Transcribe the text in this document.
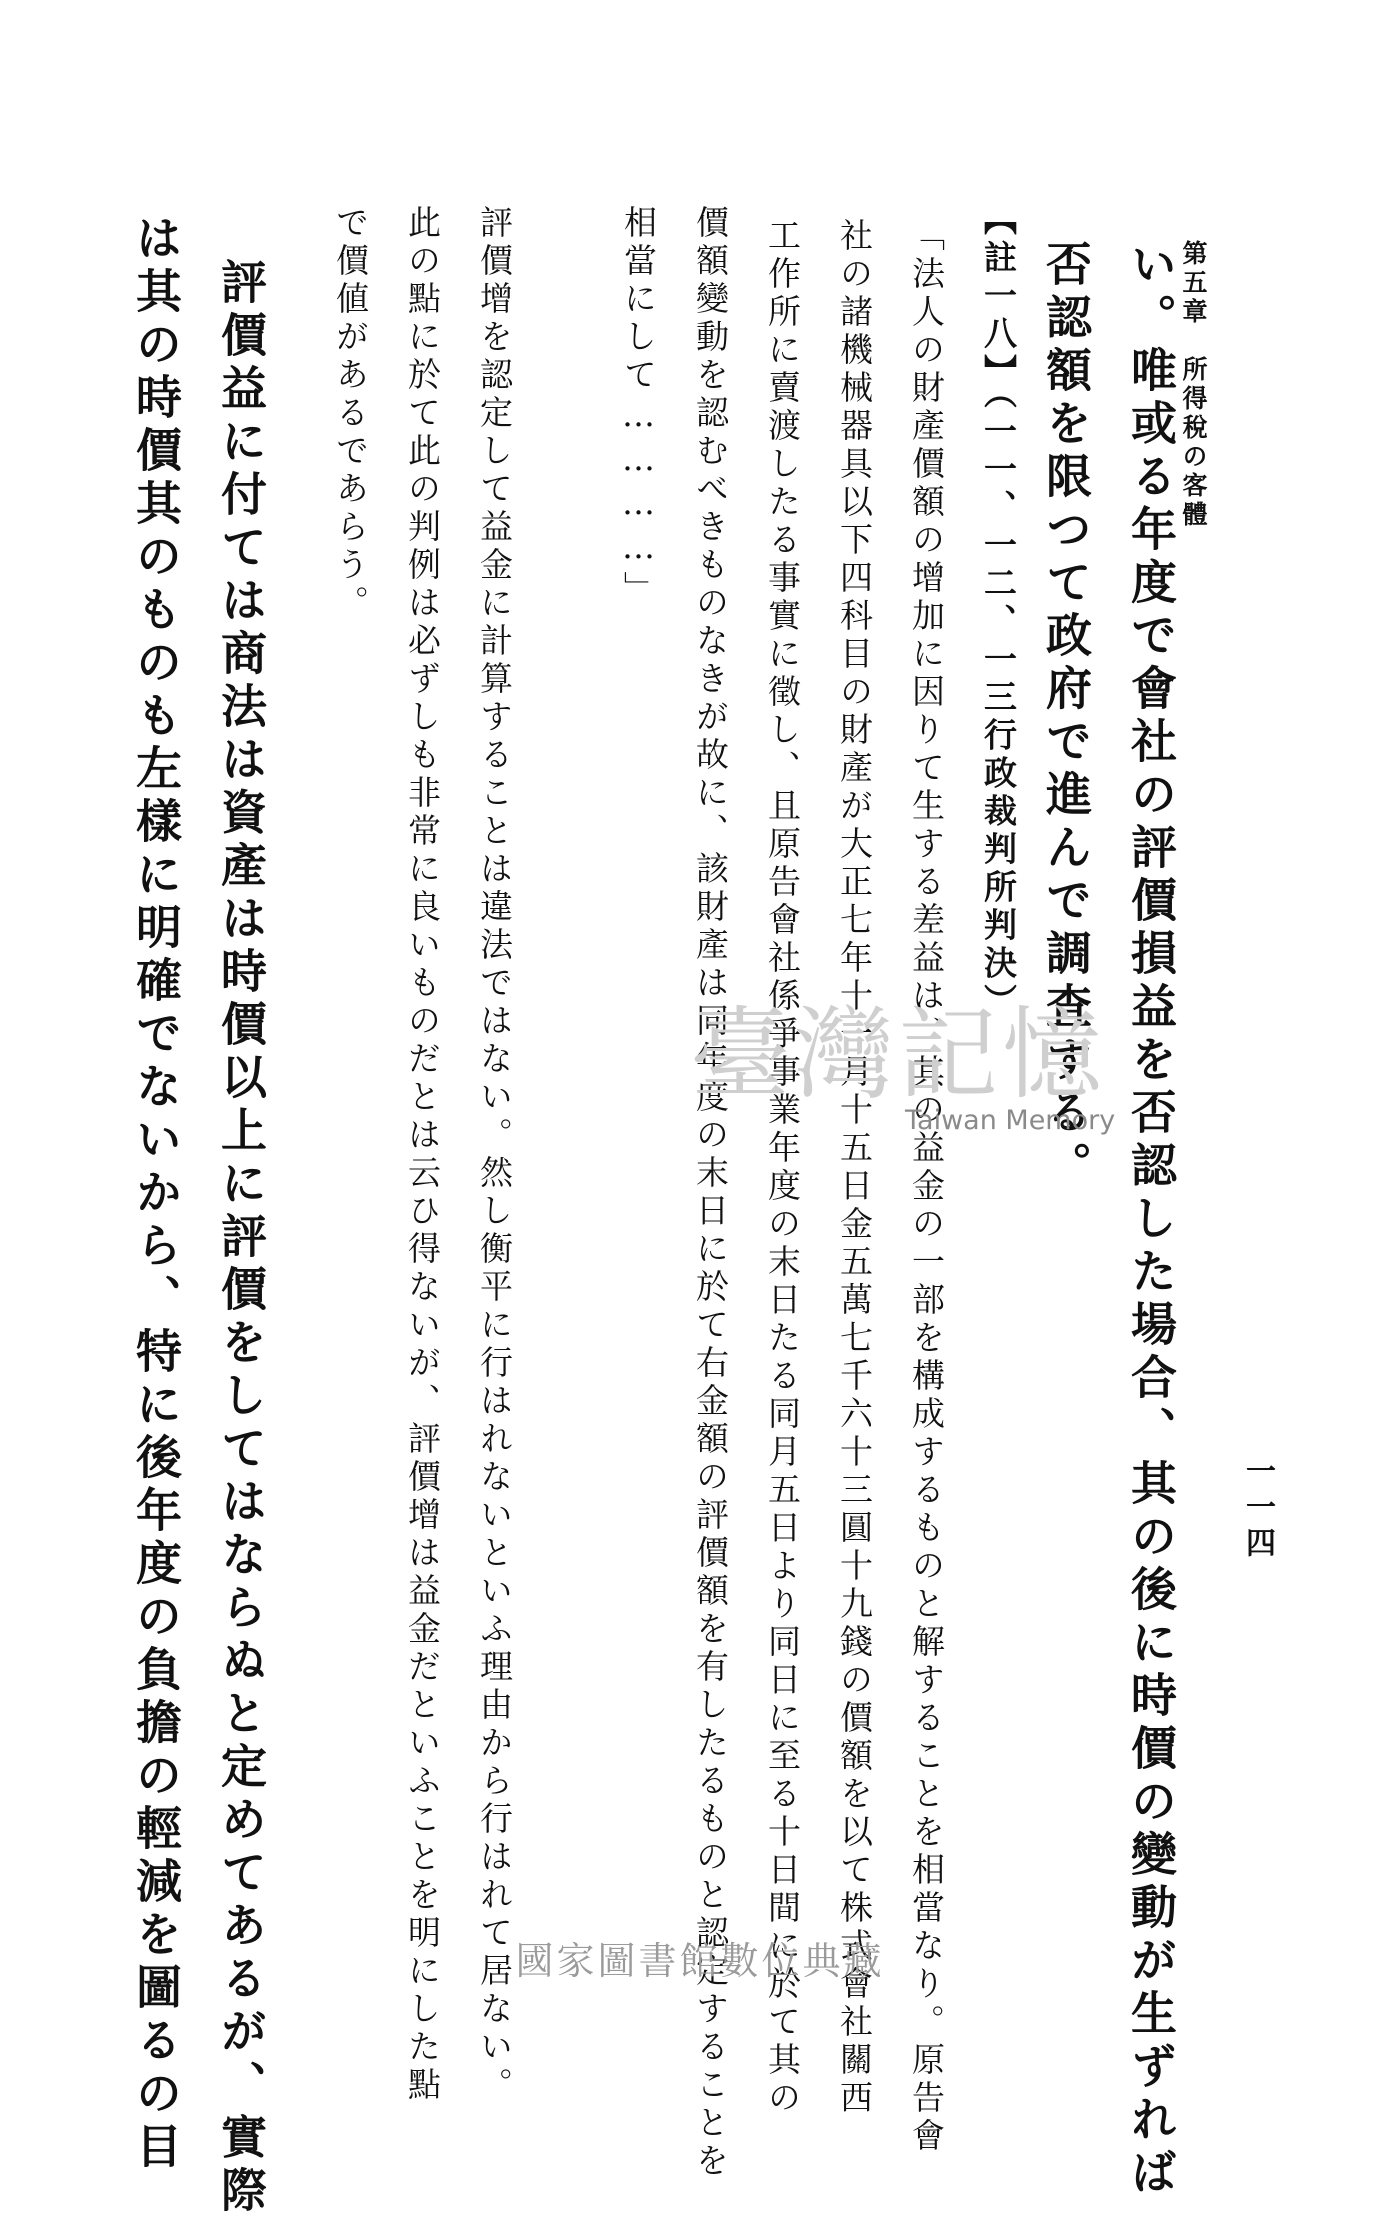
第五章　所得稅の客體
一一四
い。唯或る年度で會社の評價損益を否認した場合、其の後に時價の變動が生ずれば
否認額を限つて政府で進んで調査する。
【註一八】（一一、一二、一三行政裁判所判決）
「法人の財產價額の增加に因りて生する差益は、其の益金の一部を構成するものと解することを相當なり。原告會
社の諸機械器具以下四科目の財產が大正七年十一月十五日金五萬七千六十三圓十九錢の價額を以て株式會社關西
工作所に賣渡したる事實に徵し、且原告會社係爭事業年度の末日たる同月五日より同日に至る十日間に於て其の
價額變動を認むべきものなきが故に、該財產は同年度の末日に於て右金額の評價額を有したるものと認定することを
相當にして…………」
評價增を認定して益金に計算することは違法ではない。然し衡平に行はれないといふ理由から行はれて居ない。
此の點に於て此の判例は必ずしも非常に良いものだとは云ひ得ないが、評價增は益金だといふことを明にした點
で價値があるであらう。
評價益に付ては商法は資產は時價以上に評價をしてはならぬと定めてあるが、實際
は其の時價其のものも左樣に明確でないから、特に後年度の負擔の輕減を圖るの目	臺灣記憶
Taiwan Memory
國家圖書館數位典藏
